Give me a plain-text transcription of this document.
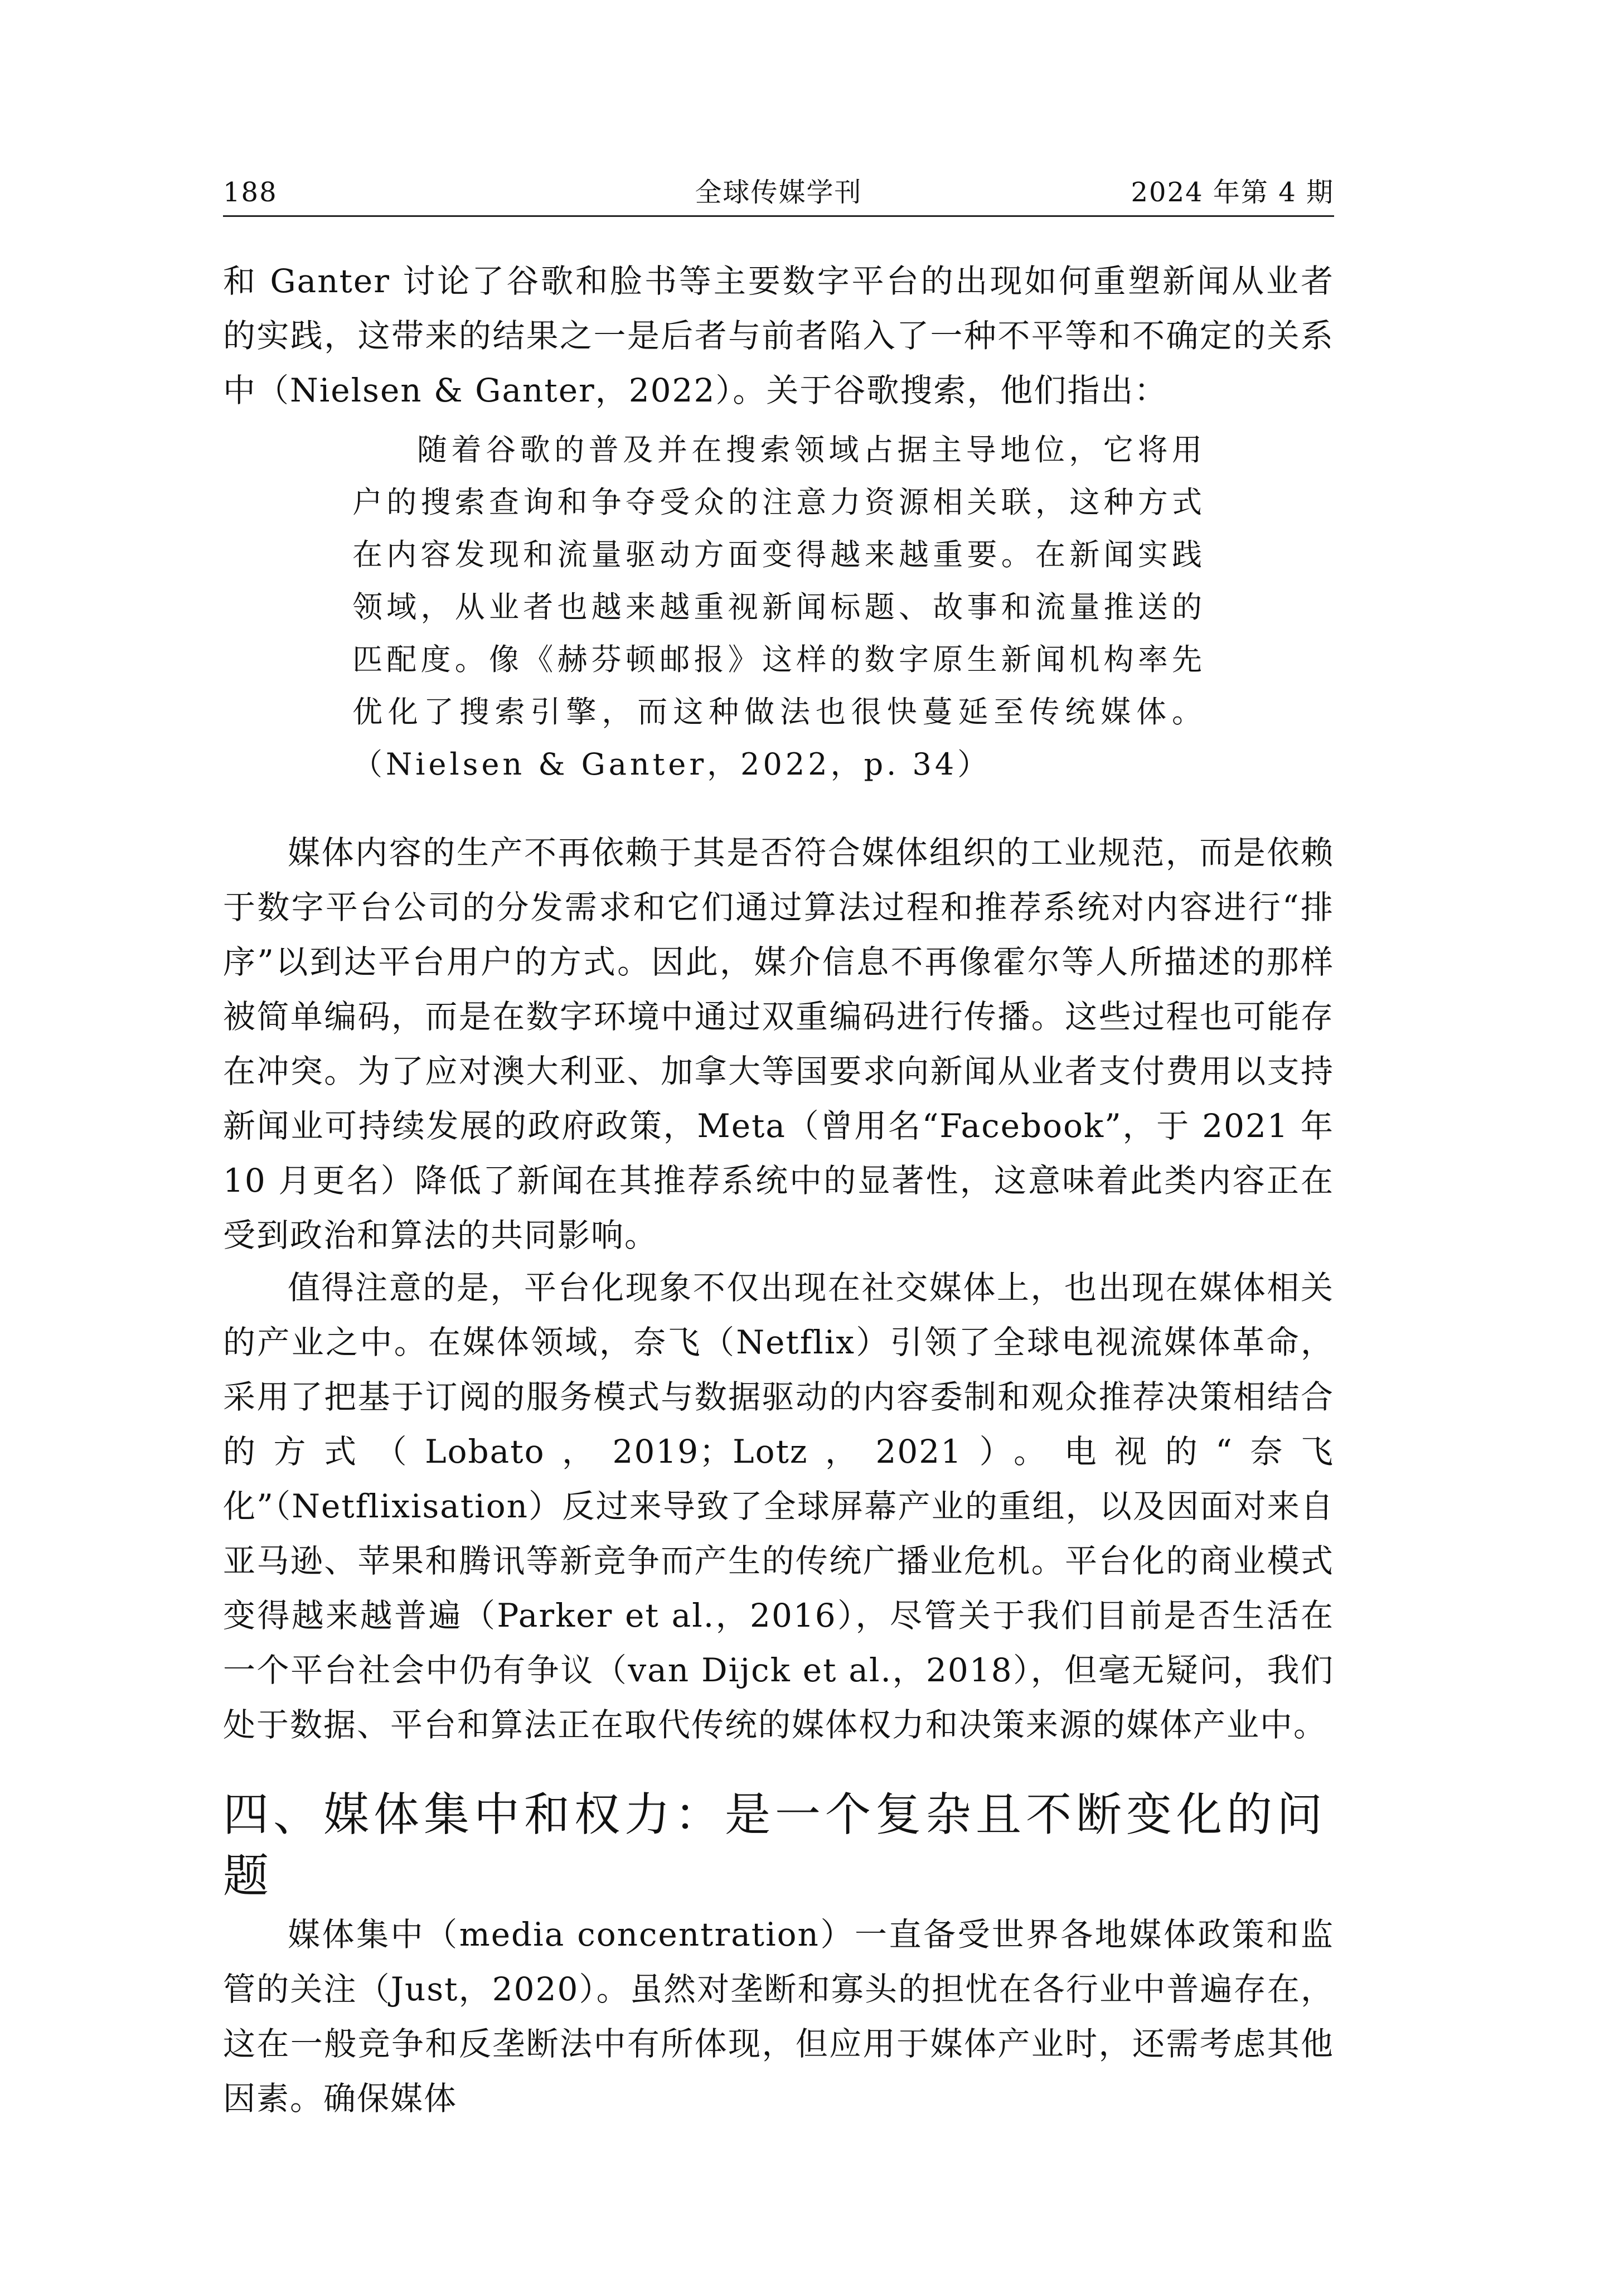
188	全球传媒学刊	2024 年第 4 期

和 Ganter 讨论了谷歌和脸书等主要数字平台的出现如何重塑新闻从业者的实践，这带来的结果之一是后者与前者陷入了一种不平等和不确定的关系中（Nielsen & Ganter，2022）。关于谷歌搜索，他们指出：

随着谷歌的普及并在搜索领域占据主导地位，它将用户的搜索查询和争夺受众的注意力资源相关联，这种方式在内容发现和流量驱动方面变得越来越重要。在新闻实践领域，从业者也越来越重视新闻标题、故事和流量推送的匹配度。像《赫芬顿邮报》这样的数字原生新闻机构率先优化了搜索引擎，而这种做法也很快蔓延至传统媒体。（Nielsen & Ganter，2022，p. 34）

媒体内容的生产不再依赖于其是否符合媒体组织的工业规范，而是依赖于数字平台公司的分发需求和它们通过算法过程和推荐系统对内容进行“排序”以到达平台用户的方式。因此，媒介信息不再像霍尔等人所描述的那样被简单编码，而是在数字环境中通过双重编码进行传播。这些过程也可能存在冲突。为了应对澳大利亚、加拿大等国要求向新闻从业者支付费用以支持新闻业可持续发展的政府政策，Meta（曾用名“Facebook”，于 2021 年 10 月更名）降低了新闻在其推荐系统中的显著性，这意味着此类内容正在受到政治和算法的共同影响。

值得注意的是，平台化现象不仅出现在社交媒体上，也出现在媒体相关的产业之中。在媒体领域，奈飞（Netflix）引领了全球电视流媒体革命，采用了把基于订阅的服务模式与数据驱动的内容委制和观众推荐决策相结合的方式（Lobato，2019；Lotz，2021）。电视的“奈飞化”（Netflixisation）反过来导致了全球屏幕产业的重组，以及因面对来自亚马逊、苹果和腾讯等新竞争而产生的传统广播业危机。平台化的商业模式变得越来越普遍（Parker et al.，2016），尽管关于我们目前是否生活在一个平台社会中仍有争议（van Dijck et al.，2018），但毫无疑问，我们处于数据、平台和算法正在取代传统的媒体权力和决策来源的媒体产业中。

四、媒体集中和权力：是一个复杂且不断变化的问题

媒体集中（media concentration）一直备受世界各地媒体政策和监管的关注（Just，2020）。虽然对垄断和寡头的担忧在各行业中普遍存在，这在一般竞争和反垄断法中有所体现，但应用于媒体产业时，还需考虑其他因素。确保媒体
